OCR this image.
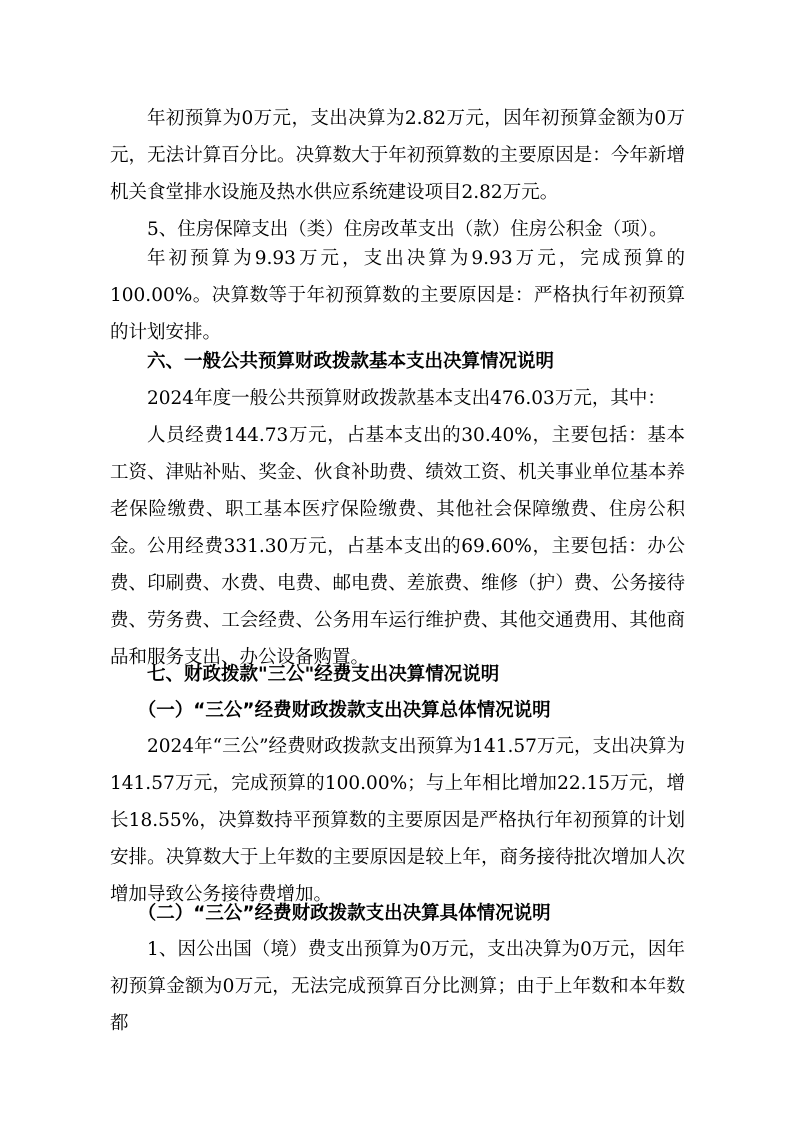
年初预算为0万元，支出决算为2.82万元，因年初预算金额为0万元，无法计算百分比。决算数大于年初预算数的主要原因是：今年新增机关食堂排水设施及热水供应系统建设项目2.82万元。

5、住房保障支出（类）住房改革支出（款）住房公积金（项）。

年初预算为9.93万元，支出决算为9.93万元，完成预算的100.00%。决算数等于年初预算数的主要原因是：严格执行年初预算的计划安排。

六、一般公共预算财政拨款基本支出决算情况说明

2024年度一般公共预算财政拨款基本支出476.03万元，其中：

人员经费144.73万元，占基本支出的30.40%，主要包括：基本工资、津贴补贴、奖金、伙食补助费、绩效工资、机关事业单位基本养老保险缴费、职工基本医疗保险缴费、其他社会保障缴费、住房公积金。 公用经费331.30万元，占基本支出的69.60%，主要包括：办公费、印刷费、水费、电费、邮电费、差旅费、维修（护）费、公务接待费、劳务费、工会经费、公务用车运行维护费、其他交通费用、其他商品和服务支出、办公设备购置。

七、财政拨款"三公"经费支出决算情况说明

（一）“三公”经费财政拨款支出决算总体情况说明

2024年“三公”经费财政拨款支出预算为141.57万元，支出决算为141.57万元，完成预算的100.00%；与上年相比增加22.15万元，增长18.55%，决算数持平预算数的主要原因是严格执行年初预算的计划安排。决算数大于上年数的主要原因是较上年，商务接待批次增加人次增加导致公务接待费增加。

（二）“三公”经费财政拨款支出决算具体情况说明

1、因公出国（境）费支出预算为0万元，支出决算为0万元，因年初预算金额为0万元，无法完成预算百分比测算；由于上年数和本年数都
